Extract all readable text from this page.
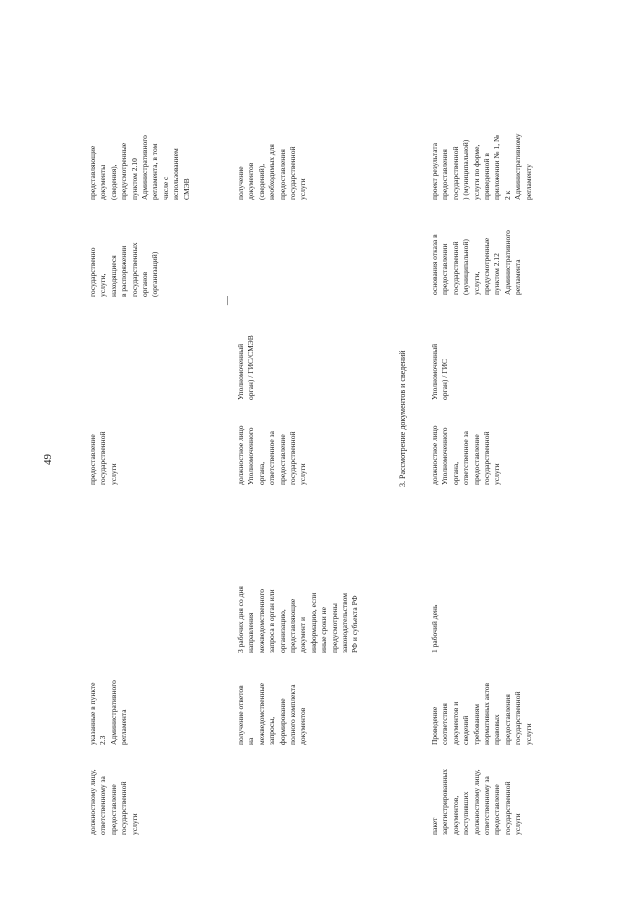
49
должностному лицу,
ответственному за
предоставление
государственной
услуги
указанные в пункте
2.3
Административного
регламента
предоставление
государственной
услуги
государственно
услуги,
находящиеся
в распоряжении
государственных
органов
(организаций)
представляющие
документы
(сведения),
предусмотренные
пунктом 2.10
Административного
регламента, в том
числе с
использованием
СМЭВ
получение ответов
на
межведомственные
запросы,
формирование
полного комплекта
документов
3 рабочих дня со дня
направления
межведомственного
запроса в орган или
организацию,
представляющие
документ и
информацию, если
иные сроки не
предусмотрены
законодательством
РФ и субъекта РФ
должностное лицо
Уполномоченного
органа,
ответственное за
предоставление
государственной
услуги
Уполномоченный
орган) / ГИС/СМЭВ
—
получение
документов
(сведений),
необходимых для
предоставления
государственной
услуги
3. Рассмотрение документов и сведений
пакет
зарегистрированных
документов,
поступивших
должностному лицу,
ответственному за
предоставление
государственной
услуги
Проведение
соответствия
документов и
сведений
требованиям
нормативных актов
правовых
предоставления
государственной
услуги
1 рабочий день
должностное лицо
Уполномоченного
органа,
ответственное за
предоставление
государственной
услуги
Уполномоченный
орган) / ГИС
основания отказа в
предоставлении
государственной
(муниципальной)
услуги,
предусмотренные
пунктом 2.12
Административного
регламента
проект результата
предоставления
государственной
) (муниципальной)
услуги по форме,
приведенной в
приложении № 1, №
2 к
Административному
регламенту
